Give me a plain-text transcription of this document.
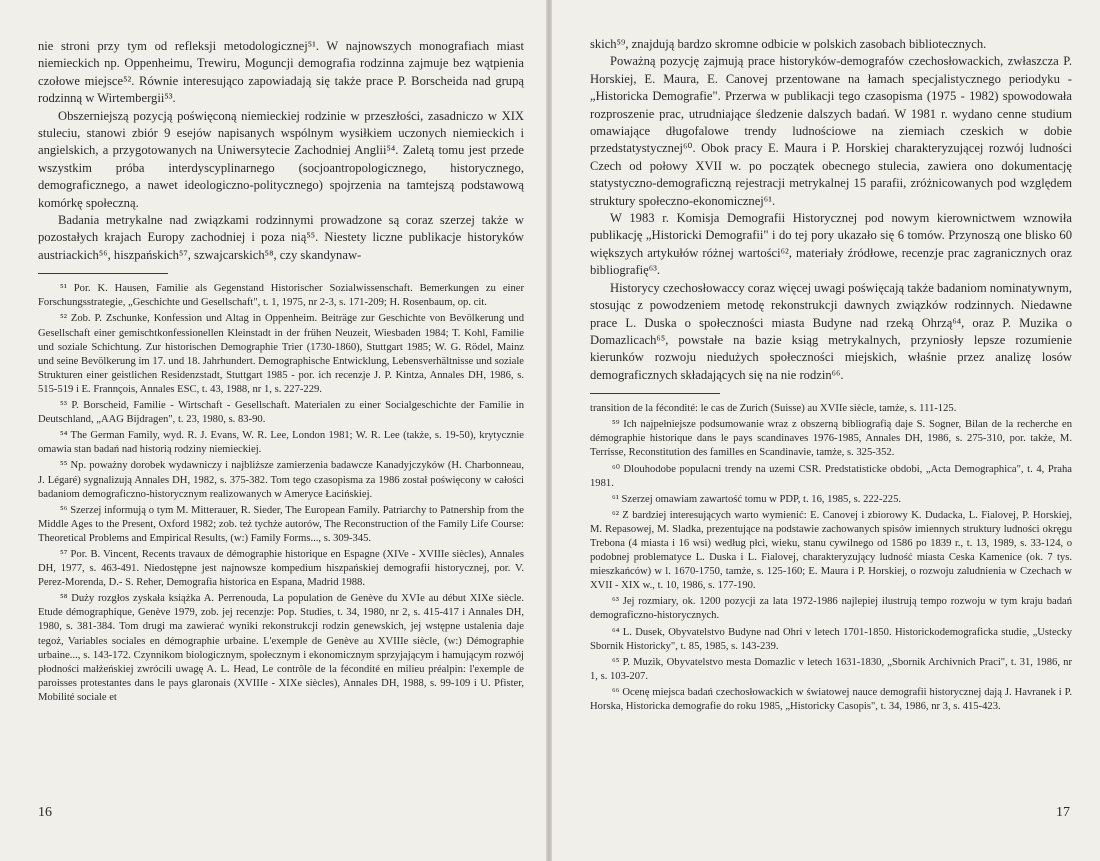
nie stroni przy tym od refleksji metodologicznej⁵¹. W najnowszych monografiach miast niemieckich np. Oppenheimu, Trewiru, Moguncji demografia rodzinna zajmuje bez wątpienia czołowe miejsce⁵². Równie interesująco zapowiadają się także prace P. Borscheida nad grupą rodzinną w Wirtembergii⁵³.

Obszerniejszą pozycją poświęconą niemieckiej rodzinie w przeszłości, zasadniczo w XIX stuleciu, stanowi zbiór 9 esejów napisanych wspólnym wysiłkiem uczonych niemieckich i angielskich, a przygotowanych na Uniwersytecie Zachodniej Anglii⁵⁴. Zaletą tomu jest przede wszystkim próba interdyscyplinarnego (socjoantropologicznego, historycznego, demograficznego, a nawet ideologiczno-politycznego) spojrzenia na tamtejszą podstawową komórkę społeczną.

Badania metrykalne nad związkami rodzinnymi prowadzone są coraz szerzej także w pozostałych krajach Europy zachodniej i poza nią⁵⁵. Niestety liczne publikacje historyków austriackich⁵⁶, hiszpańskich⁵⁷, szwajcarskich⁵⁸, czy skandynaw-

⁵¹ Por. K. Hausen, Familie als Gegenstand Historischer Sozialwissenschaft. Bemerkungen zu einer Forschungsstrategie, „Geschichte und Gesellschaft", t. 1, 1975, nr 2-3, s. 171-209; H. Rosenbaum, op. cit.

⁵² Zob. P. Zschunke, Konfession und Altag in Oppenheim. Beiträge zur Geschichte von Bevölkerung und Gesellschaft einer gemischtkonfessionellen Kleinstadt in der frühen Neuzeit, Wiesbaden 1984; T. Kohl, Familie und soziale Schichtung. Zur historischen Demographie Trier (1730-1860), Stuttgart 1985; W. G. Rödel, Mainz und seine Bevölkerung im 17. und 18. Jahrhundert. Demographische Entwicklung, Lebensverhältnisse und soziale Strukturen einer geistlichen Residenzstadt, Stuttgart 1985 - por. ich recenzje J. P. Kintza, Annales DH, 1986, s. 515-519 i E. Frannçois, Annales ESC, t. 43, 1988, nr 1, s. 227-229.

⁵³ P. Borscheid, Familie - Wirtschaft - Gesellschaft. Materialen zu einer Socialgeschichte der Familie in Deutschland, „AAG Bijdragen", t. 23, 1980, s. 83-90.

⁵⁴ The German Family, wyd. R. J. Evans, W. R. Lee, London 1981; W. R. Lee (także, s. 19-50), krytycznie omawia stan badań nad historią rodziny niemieckiej.

⁵⁵ Np. poważny dorobek wydawniczy i najbliższe zamierzenia badawcze Kanadyjczyków (H. Charbonneau, J. Légaré) sygnalizują Annales DH, 1982, s. 375-382. Tom tego czasopisma za 1986 został poświęcony w całości badaniom demograficzno-historycznym realizowanych w Ameryce Łacińskiej.

⁵⁶ Szerzej informują o tym M. Mitterauer, R. Sieder, The European Family. Patriarchy to Patnership from the Middle Ages to the Present, Oxford 1982; zob. też tychże autorów, The Reconstruction of the Family Life Course: Theoretical Problems and Empirical Results, (w:) Family Forms..., s. 309-345.

⁵⁷ Por. B. Vincent, Recents travaux de démographie historique en Espagne (XIVe - XVIIIe siècles), Annales DH, 1977, s. 463-491. Niedostępne jest najnowsze kompedium hiszpańskiej demografii historycznej, por. V. Perez-Morenda, D.- S. Reher, Demografia historica en Espana, Madrid 1988.

⁵⁸ Duży rozgłos zyskała książka A. Perrenouda, La population de Genève du XVIe au début XIXe siècle. Etude démographique, Genève 1979, zob. jej recenzje: Pop. Studies, t. 34, 1980, nr 2, s. 415-417 i Annales DH, 1980, s. 381-384. Tom drugi ma zawierać wyniki rekonstrukcji rodzin genewskich, jej wstępne ustalenia daje tegoż, Variables sociales en démographie urbaine. L'exemple de Genève au XVIIIe siècle, (w:) Démographie urbaine..., s. 143-172. Czynnikom biologicznym, społecznym i ekonomicznym sprzyjającym i hamującym rozwój płodności małżeńskiej zwrócili uwagę A. L. Head, Le contrôle de la fécondité en milieu préalpin: l'exemple de paroisses protestantes dans le pays glaronais (XVIIIe - XIXe siècles), Annales DH, 1988, s. 99-109 i U. Pfister, Mobilité sociale et

16

skich⁵⁹, znajdują bardzo skromne odbicie w polskich zasobach bibliotecznych.

Poważną pozycję zajmują prace historyków-demografów czechosłowackich, zwłaszcza P. Horskiej, E. Maura, E. Canovej przentowane na łamach specjalistycznego periodyku - „Historicka Demografie". Przerwa w publikacji tego czasopisma (1975 - 1982) spowodowała rozproszenie prac, utrudniające śledzenie dalszych badań. W 1981 r. wydano cenne studium omawiające długofalowe trendy ludnościowe na ziemiach czeskich w dobie przedstatystycznej⁶⁰. Obok pracy E. Maura i P. Horskiej charakteryzującej rozwój ludności Czech od połowy XVII w. po początek obecnego stulecia, zawiera ono dokumentację statystyczno-demograficzną rejestracji metrykalnej 15 parafii, zróżnicowanych pod względem struktury społeczno-ekonomicznej⁶¹.

W 1983 r. Komisja Demografii Historycznej pod nowym kierownictwem wznowiła publikację „Historicki Demografii" i do tej pory ukazało się 6 tomów. Przynoszą one blisko 60 większych artykułów różnej wartości⁶², materiały źródłowe, recenzje prac zagranicznych oraz bibliografię⁶³.

Historycy czechosłowaccy coraz więcej uwagi poświęcają także badaniom nominatywnym, stosując z powodzeniem metodę rekonstrukcji dawnych związków rodzinnych. Niedawne prace L. Duska o społeczności miasta Budyne nad rzeką Ohrzą⁶⁴, oraz P. Muzika o Domazlicach⁶⁵, powstałe na bazie ksiąg metrykalnych, przyniosły lepsze rozumienie kierunków rozwoju niedużych społeczności miejskich, właśnie przez analizę losów demograficznych składających się na nie rodzin⁶⁶.

transition de la fécondité: le cas de Zurich (Suisse) au XVIIe siècle, tamże, s. 111-125.

⁵⁹ Ich najpełniejsze podsumowanie wraz z obszerną bibliografią daje S. Sogner, Bilan de la recherche en démographie historique dans le pays scandinaves 1976-1985, Annales DH, 1986, s. 275-310, por. także, M. Terrisse, Reconstitution des familles en Scandinavie, tamże, s. 325-352.

⁶⁰ Dlouhodobe populacni trendy na uzemi CSR. Predstatisticke obdobi, „Acta Demographica", t. 4, Praha 1981.

⁶¹ Szerzej omawiam zawartość tomu w PDP, t. 16, 1985, s. 222-225.

⁶² Z bardziej interesujących warto wymienić: E. Canovej i zbiorowy K. Dudacka, L. Fialovej, P. Horskiej, M. Repasowej, M. Sladka, prezentujące na podstawie zachowanych spisów imiennych struktury ludności okręgu Trebona (4 miasta i 16 wsi) według płci, wieku, stanu cywilnego od 1586 po 1839 r., t. 13, 1989, s. 33-124, o podobnej problematyce L. Duska i L. Fialovej, charakteryzujący ludność miasta Ceska Kamenice (ok. 7 tys. mieszkańców) w l. 1670-1750, tamże, s. 125-160; E. Maura i P. Horskiej, o rozwoju zaludnienia w Czechach w XVII - XIX w., t. 10, 1986, s. 177-190.

⁶³ Jej rozmiary, ok. 1200 pozycji za lata 1972-1986 najlepiej ilustrują tempo rozwoju w tym kraju badań demograficzno-historycznych.

⁶⁴ L. Dusek, Obyvatelstvo Budyne nad Ohri v letech 1701-1850. Historickodemograficka studie, „Ustecky Sbornik Historicky", t. 85, 1985, s. 143-239.

⁶⁵ P. Muzik, Obyvatelstvo mesta Domazlic v letech 1631-1830, „Sbornik Archivnich Praci", t. 31, 1986, nr 1, s. 103-207.

⁶⁶ Ocenę miejsca badań czechosłowackich w światowej nauce demografii historycznej dają J. Havranek i P. Horska, Historicka demografie do roku 1985, „Historicky Casopis", t. 34, 1986, nr 3, s. 415-423.

17
